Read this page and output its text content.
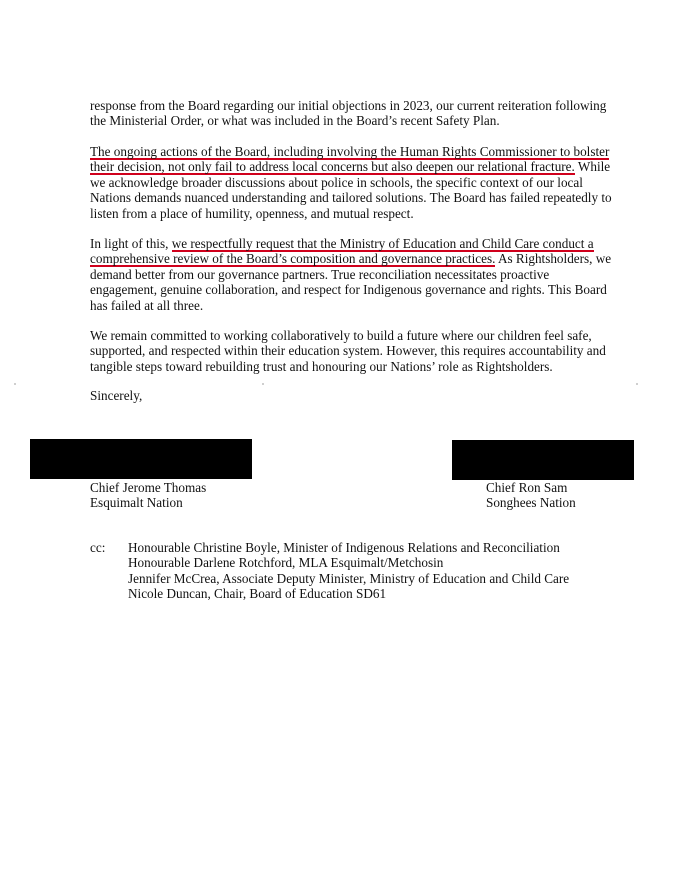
response from the Board regarding our initial objections in 2023, our current reiteration following the Ministerial Order, or what was included in the Board’s recent Safety Plan.

The ongoing actions of the Board, including involving the Human Rights Commissioner to bolster their decision, not only fail to address local concerns but also deepen our relational fracture. While we acknowledge broader discussions about police in schools, the specific context of our local Nations demands nuanced understanding and tailored solutions. The Board has failed repeatedly to listen from a place of humility, openness, and mutual respect.

In light of this, we respectfully request that the Ministry of Education and Child Care conduct a comprehensive review of the Board’s composition and governance practices. As Rightsholders, we demand better from our governance partners. True reconciliation necessitates proactive engagement, genuine collaboration, and respect for Indigenous governance and rights. This Board has failed at all three.

We remain committed to working collaboratively to build a future where our children feel safe, supported, and respected within their education system. However, this requires accountability and tangible steps toward rebuilding trust and honouring our Nations’ role as Rightsholders.

Sincerely,

Chief Jerome Thomas
Esquimalt Nation
Chief Ron Sam
Songhees Nation
cc: Honourable Christine Boyle, Minister of Indigenous Relations and Reconciliation
Honourable Darlene Rotchford, MLA Esquimalt/Metchosin
Jennifer McCrea, Associate Deputy Minister, Ministry of Education and Child Care
Nicole Duncan, Chair, Board of Education SD61
